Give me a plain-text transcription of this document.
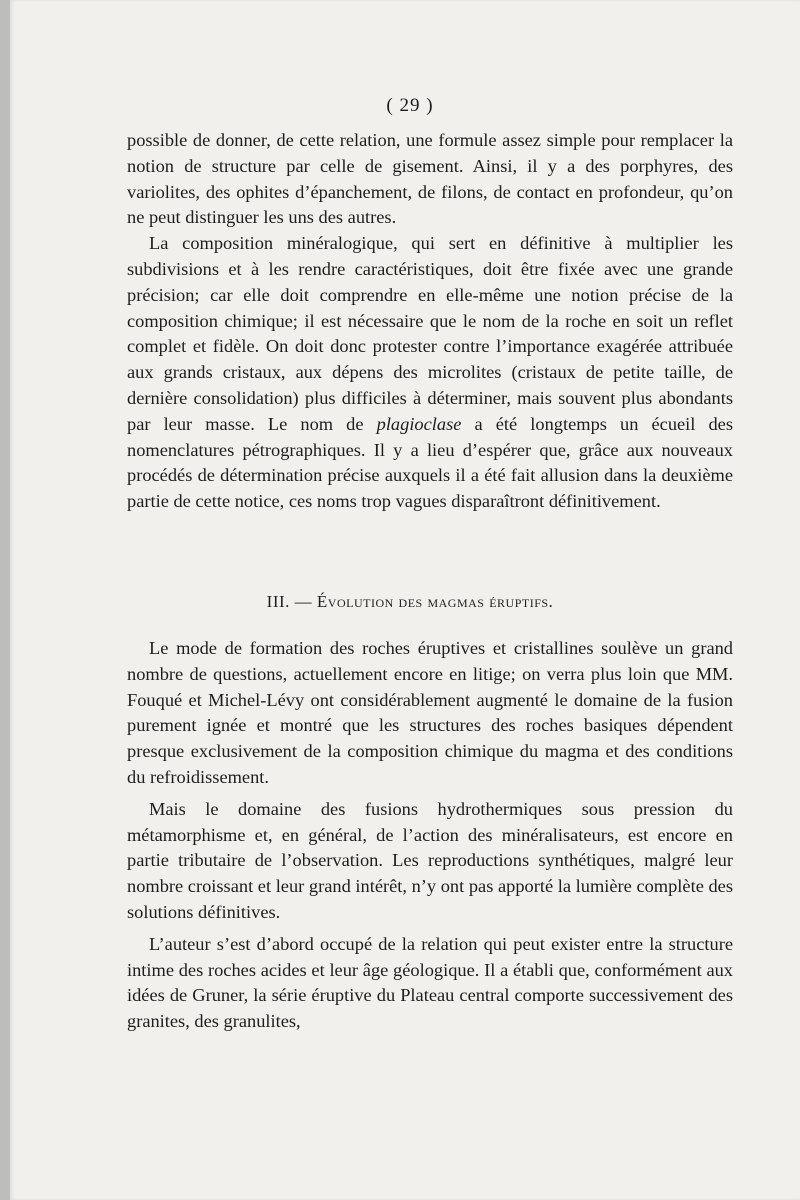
( 29 )

possible de donner, de cette relation, une formule assez simple pour remplacer la notion de structure par celle de gisement. Ainsi, il y a des porphyres, des variolites, des ophites d’épanchement, de filons, de contact en profondeur, qu’on ne peut distinguer les uns des autres.

La composition minéralogique, qui sert en définitive à multiplier les subdivisions et à les rendre caractéristiques, doit être fixée avec une grande précision; car elle doit comprendre en elle-même une notion précise de la composition chimique; il est nécessaire que le nom de la roche en soit un reflet complet et fidèle. On doit donc protester contre l’importance exagérée attribuée aux grands cristaux, aux dépens des microlites (cristaux de petite taille, de dernière consolidation) plus difficiles à déterminer, mais souvent plus abondants par leur masse. Le nom de plagioclase a été longtemps un écueil des nomenclatures pétrographiques. Il y a lieu d’espérer que, grâce aux nouveaux procédés de détermination précise auxquels il a été fait allusion dans la deuxième partie de cette notice, ces noms trop vagues disparaîtront définitivement.

III. — Évolution des magmas éruptifs.

Le mode de formation des roches éruptives et cristallines soulève un grand nombre de questions, actuellement encore en litige; on verra plus loin que MM. Fouqué et Michel-Lévy ont considérablement augmenté le domaine de la fusion purement ignée et montré que les structures des roches basiques dépendent presque exclusivement de la composition chimique du magma et des conditions du refroidissement.

Mais le domaine des fusions hydrothermiques sous pression du métamorphisme et, en général, de l’action des minéralisateurs, est encore en partie tributaire de l’observation. Les reproductions synthétiques, malgré leur nombre croissant et leur grand intérêt, n’y ont pas apporté la lumière complète des solutions définitives.

L’auteur s’est d’abord occupé de la relation qui peut exister entre la structure intime des roches acides et leur âge géologique. Il a établi que, conformément aux idées de Gruner, la série éruptive du Plateau central comporte successivement des granites, des granulites,
